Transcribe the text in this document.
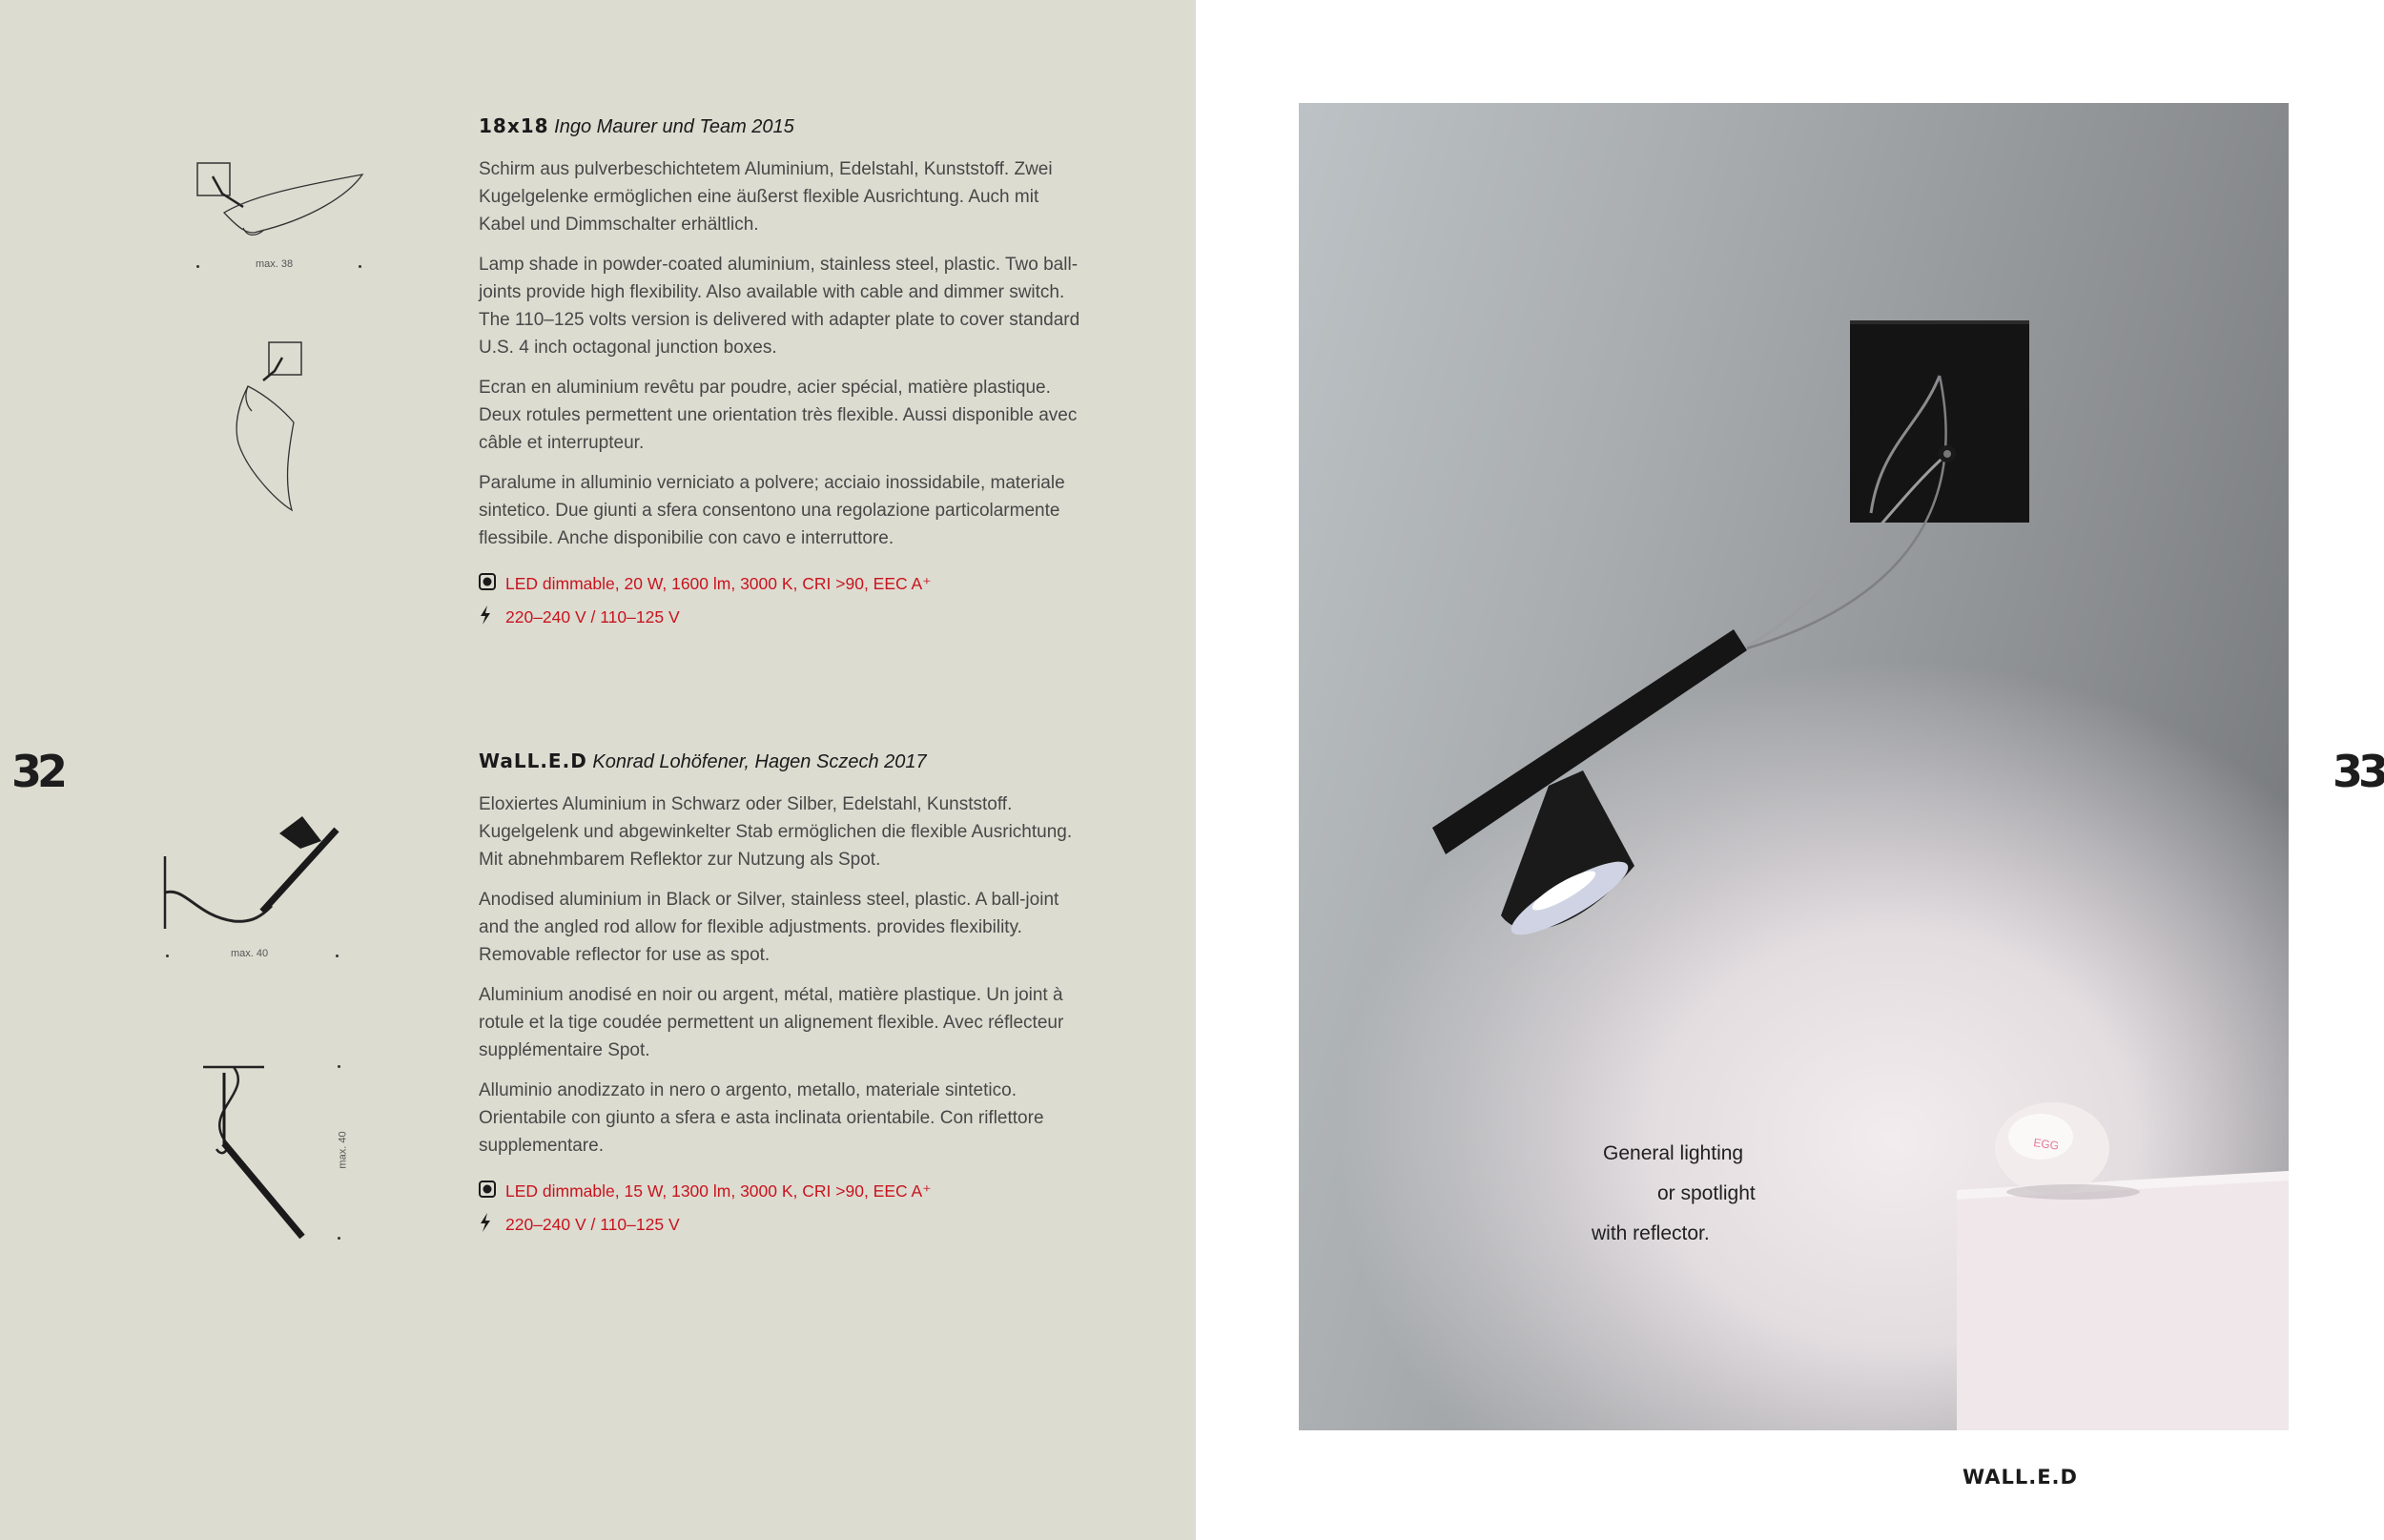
max. 38
max. 40
max. 40
18x18 Ingo Maurer und Team 2015

Schirm aus pulverbeschichtetem Aluminium, Edelstahl, Kunststoff. Zwei Kugelgelenke ermöglichen eine äußerst flexible Ausrichtung. Auch mit Kabel und Dimmschalter erhältlich.

Lamp shade in powder-coated aluminium, stainless steel, plastic. Two ball-joints provide high flexibility. Also available with cable and dimmer switch. The 110–125 volts version is delivered with adapter plate to cover standard U.S. 4 inch octagonal junction boxes.

Ecran en aluminium revêtu par poudre, acier spécial, matière plastique. Deux rotules permettent une orientation très flexible. Aussi disponible avec câble et interrupteur.

Paralume in alluminio verniciato a polvere; acciaio inossidabile, materiale sintetico. Due giunti a sfera consentono una regolazione particolarmente flessibile. Anche disponibilie con cavo e interruttore.

LED dimmable, 20 W, 1600 lm, 3000 K, CRI >90, EEC A⁺
220–240 V / 110–125 V
WaLL.E.D Konrad Lohöfener, Hagen Sczech 2017

Eloxiertes Aluminium in Schwarz oder Silber, Edelstahl, Kunststoff. Kugelgelenk und abgewinkelter Stab ermöglichen die flexible Ausrichtung. Mit abnehmbarem Reflektor zur Nutzung als Spot.

Anodised aluminium in Black or Silver, stainless steel, plastic. A ball-joint and the angled rod allow for flexible adjustments. provides flexibility. Removable reflector for use as spot.

Aluminium anodisé en noir ou argent, métal, matière plastique. Un joint à rotule et la tige coudée permettent un alignement flexible. Avec réflecteur supplémentaire Spot.

Alluminio anodizzato in nero o argento, metallo, materiale sintetico. Orientabile con giunto a sfera e asta inclinata orientabile. Con riflettore supplementare.

LED dimmable, 15 W, 1300 lm, 3000 K, CRI >90, EEC A⁺
220–240 V / 110–125 V
32	33
WALL.E.D
EGG
General lighting
or spotlight
with reflector.
